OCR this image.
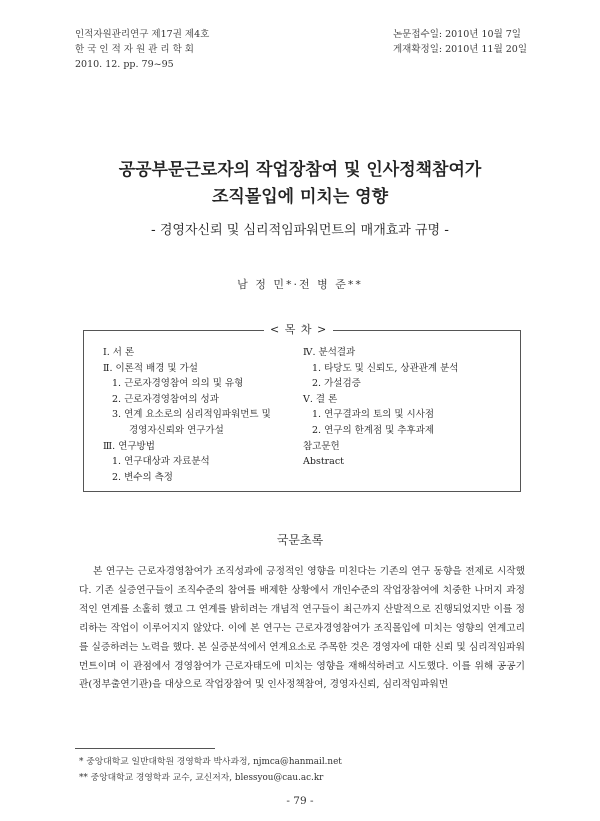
인적자원관리연구 제17권 제4호
한 국 인 적 자 원 관 리 학 회
2010. 12. pp. 79~95
논문접수일: 2010년 10월 7일
게재확정일: 2010년 11월 20일
공공부문근로자의 작업장참여 및 인사정책참여가
조직몰입에 미치는 영향
- 경영자신뢰 및 심리적임파워먼트의 매개효과 규명 -
남 정 민*·전 병 준**
< 목 차 >
Ⅰ. 서 론
Ⅱ. 이론적 배경 및 가설
1. 근로자경영참여 의의 및 유형
2. 근로자경영참여의 성과
3. 연계 요소로의 심리적임파워먼트 및
경영자신뢰와 연구가설
Ⅲ. 연구방법
1. 연구대상과 자료분석
2. 변수의 측정
Ⅳ. 분석결과
1. 타당도 및 신뢰도, 상관관계 분석
2. 가설검증
Ⅴ. 결 론
1. 연구결과의 토의 및 시사점
2. 연구의 한계점 및 추후과제
참고문헌
Abstract
국문초록
본 연구는 근로자경영참여가 조직성과에 긍정적인 영향을 미친다는 기존의 연구 동향을 전제로 시작했다. 기존 실증연구들이 조직수준의 참여를 배제한 상황에서 개인수준의 작업장참여에 치중한 나머지 과정적인 연계를 소홀히 했고 그 연계를 밝히려는 개념적 연구들이 최근까지 산발적으로 진행되었지만 이를 정리하는 작업이 이루어지지 않았다. 이에 본 연구는 근로자경영참여가 조직몰입에 미치는 영향의 연계고리를 실증하려는 노력을 했다. 본 실증분석에서 연계요소로 주목한 것은 경영자에 대한 신뢰 및 심리적임파워먼트이며 이 관점에서 경영참여가 근로자태도에 미치는 영향을 재해석하려고 시도했다. 이를 위해 공공기관(정부출연기관)을 대상으로 작업장참여 및 인사정책참여, 경영자신뢰, 심리적임파워먼
* 중앙대학교 일반대학원 경영학과 박사과정, njmca@hanmail.net
** 중앙대학교 경영학과 교수, 교신저자, blessyou@cau.ac.kr
- 79 -
